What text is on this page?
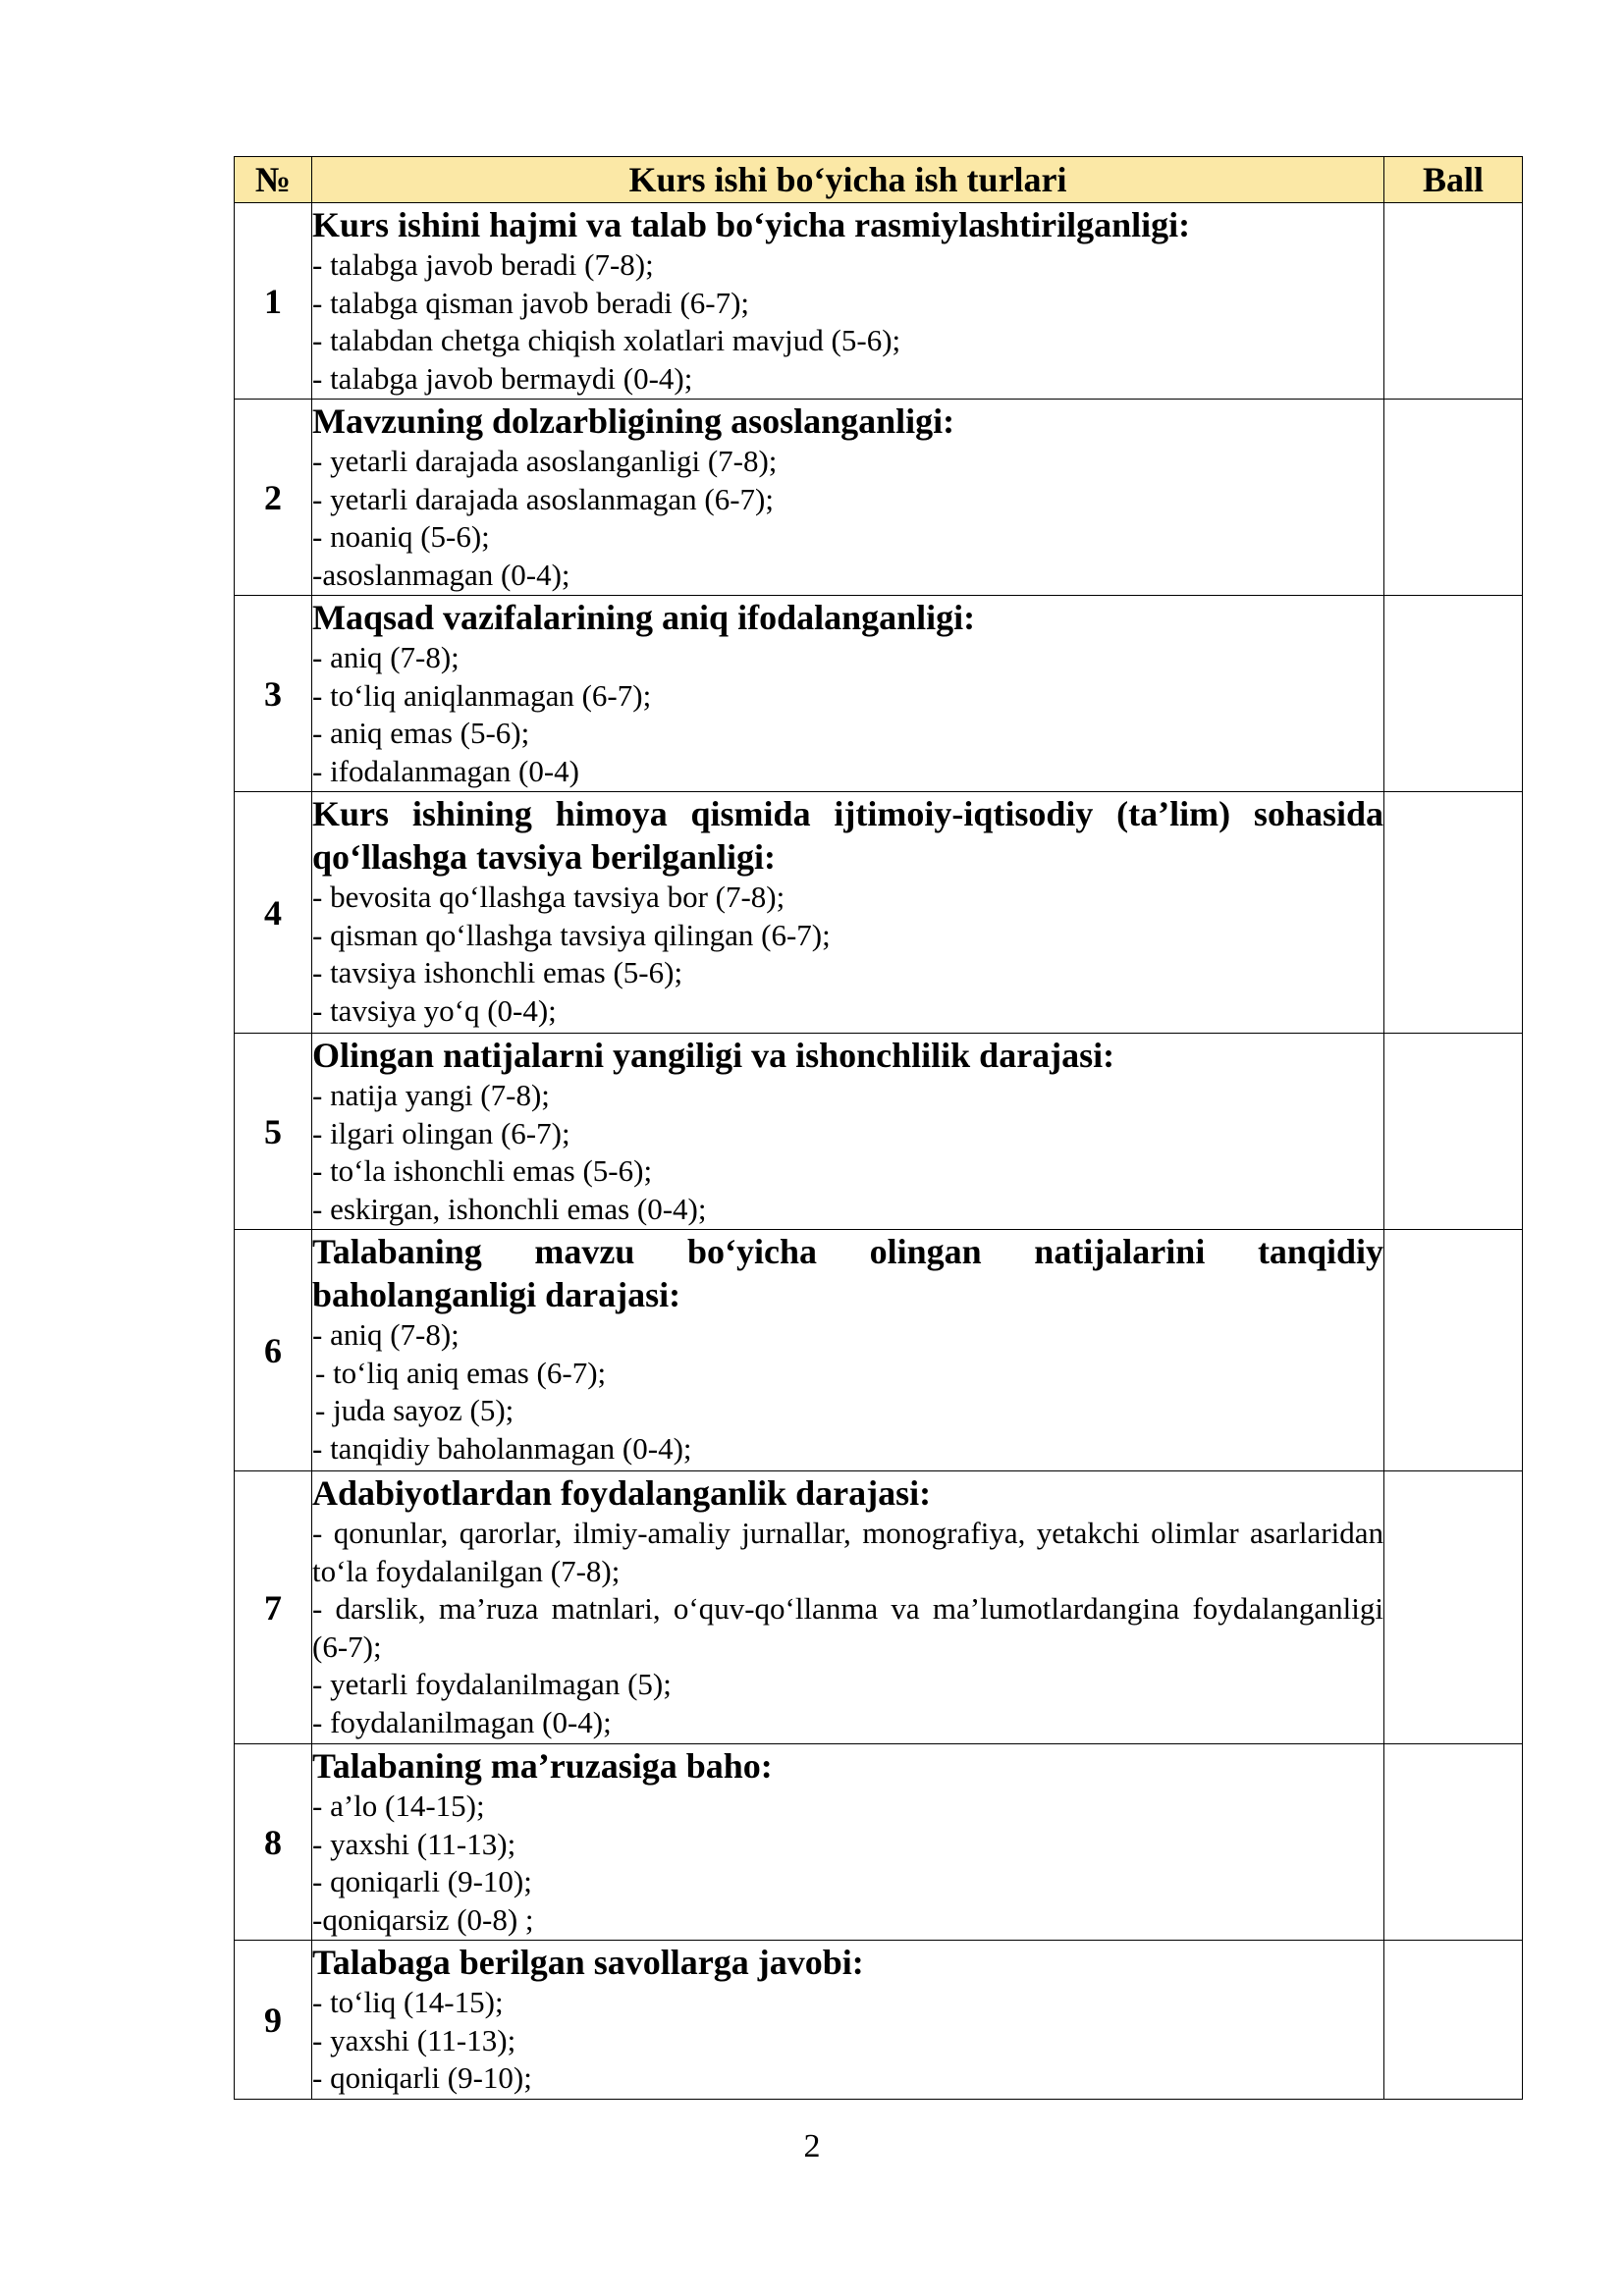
№	Kurs ishi bo‘yicha ish turlari	Ball
1	Kurs ishini hajmi va talab bo‘yicha rasmiylashtirilganligi:
- talabga javob beradi (7-8);
- talabga qisman javob beradi (6-7);
- talabdan chetga chiqish xolatlari mavjud (5-6);
- talabga javob bermaydi (0-4);	

2	Mavzuning dolzarbligining asoslanganligi:
- yetarli darajada asoslanganligi (7-8);
- yetarli darajada asoslanmagan (6-7);
- noaniq (5-6);
-asoslanmagan (0-4);	

3	Maqsad vazifalarining aniq ifodalanganligi:
- aniq (7-8);
- to‘liq aniqlanmagan (6-7);
- aniq emas (5-6);
- ifodalanmagan (0-4)	

4	Kurs ishining himoya qismida ijtimoiy-iqtisodiy (ta’lim) sohasida qo‘llashga tavsiya berilganligi:
- bevosita qo‘llashga tavsiya bor (7-8);
- qisman qo‘llashga tavsiya qilingan (6-7);
- tavsiya ishonchli emas (5-6);
- tavsiya yo‘q (0-4);	

5	Olingan natijalarni yangiligi va ishonchlilik darajasi:
- natija yangi (7-8);
- ilgari olingan (6-7);
- to‘la ishonchli emas (5-6);
- eskirgan, ishonchli emas (0-4);	

6	Talabaning mavzu bo‘yicha olingan natijalarini tanqidiy baholanganligi darajasi:
- aniq (7-8);
- to‘liq aniq emas (6-7);
- juda sayoz (5);
- tanqidiy baholanmagan (0-4);	

7	Adabiyotlardan foydalanganlik darajasi:
- qonunlar, qarorlar, ilmiy-amaliy jurnallar, monografiya, yetakchi olimlar asarlaridan to‘la foydalanilgan (7-8);
- darslik, ma’ruza matnlari, o‘quv-qo‘llanma va ma’lumotlardangina foydalanganligi (6-7);
- yetarli foydalanilmagan (5);
- foydalanilmagan (0-4);	

8	Talabaning ma’ruzasiga baho:
- a’lo (14-15);
- yaxshi (11-13);
- qoniqarli (9-10);
-qoniqarsiz (0-8) ;	

9	Talabaga berilgan savollarga javobi:
- to‘liq (14-15);
- yaxshi (11-13);
- qoniqarli (9-10);	

2
